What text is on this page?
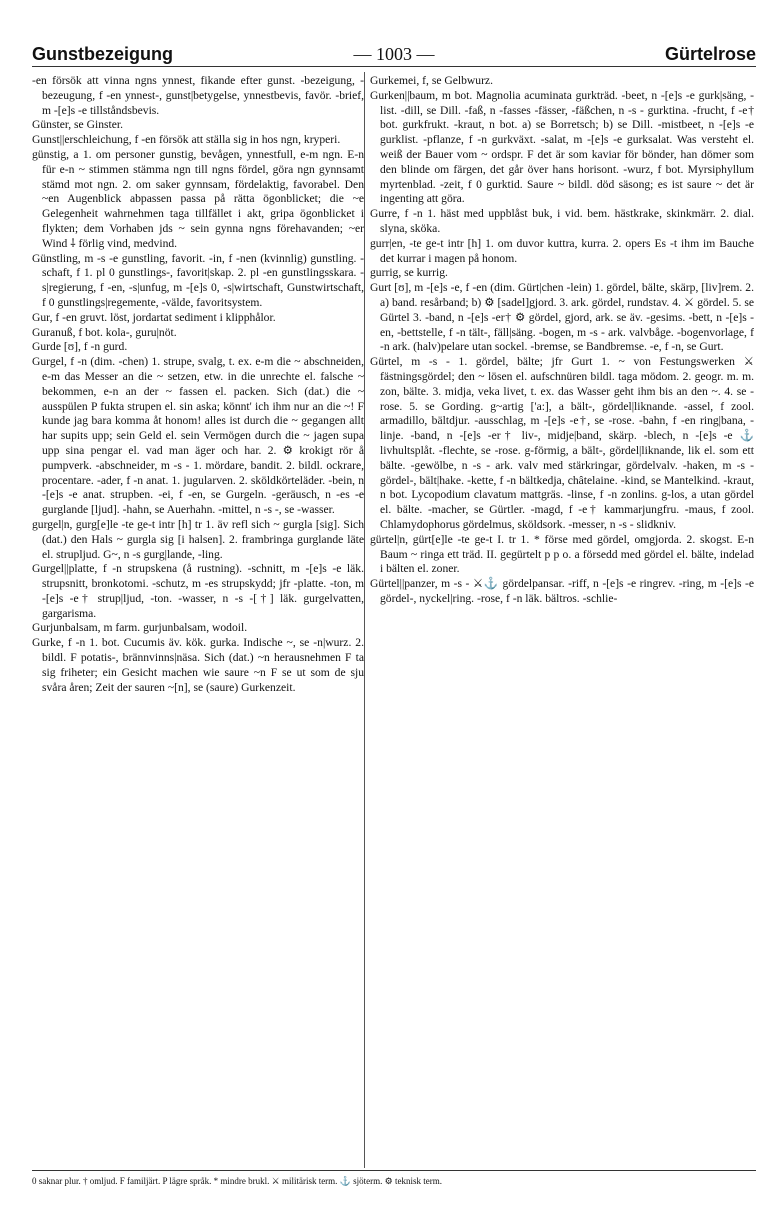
Gunstbezeigung	— 1003 —	Gürtelrose

-en försök att vinna ngns ynnest, fikande efter gunst. -bezeigung, -bezeugung, f -en ynnest-, gunst|betygelse, ynnestbevis, favör. -brief, m -[e]s -e tillståndsbevis.

Günster, se Ginster.

Gunst||erschleichung, f -en försök att ställa sig in hos ngn, kryperi.

günstig, a 1. om personer gunstig, bevågen, ynnestfull, e-m ngn. E-n für e-n ~ stimmen stämma ngn till ngns fördel, göra ngn gynnsamt stämd mot ngn. 2. om saker gynnsam, fördelaktig, favorabel. Den ~en Augenblick abpassen passa på rätta ögonblicket; die ~e Gelegenheit wahrnehmen taga tillfället i akt, gripa ögonblicket i flykten; dem Vorhaben jds ~ sein gynna ngns förehavanden; ~er Wind ⸸ förlig vind, medvind.

Günstling, m -s -e gunstling, favorit. -in, f -nen (kvinnlig) gunstling. -schaft, f 1. pl 0 gunstlings-, favorit|skap. 2. pl -en gunstlingsskara. -s|regierung, f -en, -s|unfug, m -[e]s 0, -s|wirtschaft, Gunstwirtschaft, f 0 gunstlings|regemente, -välde, favoritsystem.

Gur, f -en gruvt. löst, jordartat sediment i klipphålor.

Guranuß, f bot. kola-, guru|nöt.

Gurde [ʊ], f -n gurd.

Gurgel, f -n (dim. -chen) 1. strupe, svalg, t. ex. e-m die ~ abschneiden, e-m das Messer an die ~ setzen, etw. in die unrechte el. falsche ~ bekommen, e-n an der ~ fassen el. packen. Sich (dat.) die ~ ausspülen P fukta strupen el. sin aska; könnt' ich ihm nur an die ~! F kunde jag bara komma åt honom! alles ist durch die ~ gegangen allt har supits upp; sein Geld el. sein Vermögen durch die ~ jagen supa upp sina pengar el. vad man äger och har. 2. ⚙ krokigt rör å pumpverk. -abschneider, m -s - 1. mördare, bandit. 2. bildl. ockrare, procentare. -ader, f -n anat. 1. jugularven. 2. sköldkörteläder. -bein, n -[e]s -e anat. strupben. -ei, f -en, se Gurgeln. -geräusch, n -es -e gurglande [ljud]. -hahn, se Auerhahn. -mittel, n -s -, se -wasser.

gurgel|n, gurg[e]le -te ge-t intr [h] tr 1. äv refl sich ~ gurgla [sig]. Sich (dat.) den Hals ~ gurgla sig [i halsen]. 2. frambringa gurglande läte el. strupljud. G~, n -s gurg|lande, -ling.

Gurgel||platte, f -n strupskena (å rustning). -schnitt, m -[e]s -e läk. strupsnitt, bronkotomi. -schutz, m -es strupskydd; jfr -platte. -ton, m -[e]s -e† strup|ljud, -ton. -wasser, n -s -[†] läk. gurgelvatten, gargarisma.

Gurjunbalsam, m farm. gurjunbalsam, wodoil.

Gurke, f -n 1. bot. Cucumis äv. kök. gurka. Indische ~, se -n|wurz. 2. bildl. F potatis-, brännvinns|näsa. Sich (dat.) ~n herausnehmen F ta sig friheter; ein Gesicht machen wie saure ~n F se ut som de sju svåra åren; Zeit der sauren ~[n], se (saure) Gurkenzeit.

Gurkemei, f, se Gelbwurz.

Gurken||baum, m bot. Magnolia acuminata gurkträd. -beet, n -[e]s -e gurk|säng, -list. -dill, se Dill. -faß, n -fasses -fässer, -fäßchen, n -s - gurktina. -frucht, f -e† bot. gurkfrukt. -kraut, n bot. a) se Borretsch; b) se Dill. -mistbeet, n -[e]s -e gurklist. -pflanze, f -n gurkväxt. -salat, m -[e]s -e gurksalat. Was versteht el. weiß der Bauer vom ~ ordspr. F det är som kaviar för bönder, han dömer som den blinde om färgen, det går över hans horisont. -wurz, f bot. Myrsiphyllum myrtenblad. -zeit, f 0 gurktid. Saure ~ bildl. död säsong; es ist saure ~ det är ingenting att göra.

Gurre, f -n 1. häst med uppblåst buk, i vid. bem. hästkrake, skinkmärr. 2. dial. slyna, sköka.

gurr|en, -te ge-t intr [h] 1. om duvor kuttra, kurra. 2. opers Es -t ihm im Bauche det kurrar i magen på honom.

gurrig, se kurrig.

Gurt [ʊ], m -[e]s -e, f -en (dim. Gürt|chen -lein) 1. gördel, bälte, skärp, [liv]rem. 2. a) band. resårband; b) ⚙ [sadel]gjord. 3. ark. gördel, rundstav. 4. ⚔ gördel. 5. se Gürtel 3. -band, n -[e]s -er† ⚙ gördel, gjord, ark. se äv. -gesims. -bett, n -[e]s -en, -bettstelle, f -n tält-, fäll|säng. -bogen, m -s - ark. valvbåge. -bogenvorlage, f -n ark. (halv)pelare utan sockel. -bremse, se Bandbremse. -e, f -n, se Gurt.

Gürtel, m -s - 1. gördel, bälte; jfr Gurt 1. ~ von Festungswerken ⚔ fästningsgördel; den ~ lösen el. aufschnüren bildl. taga mödom. 2. geogr. m. m. zon, bälte. 3. midja, veka livet, t. ex. das Wasser geht ihm bis an den ~. 4. se -rose. 5. se Gording. g~artig ['a:], a bält-, gördel|liknande. -assel, f zool. armadillo, bältdjur. -ausschlag, m -[e]s -e†, se -rose. -bahn, f -en ring|bana, -linje. -band, n -[e]s -er† liv-, midje|band, skärp. -blech, n -[e]s -e ⚓ livhultsplåt. -flechte, se -rose. g-förmig, a bält-, gördel|liknande, lik el. som ett bälte. -gewölbe, n -s - ark. valv med stärkringar, gördelvalv. -haken, m -s - gördel-, bält|hake. -kette, f -n bältkedja, châtelaine. -kind, se Mantelkind. -kraut, n bot. Lycopodium clavatum mattgräs. -linse, f -n zonlins. g-los, a utan gördel el. bälte. -macher, se Gürtler. -magd, f -e† kammarjungfru. -maus, f zool. Chlamydophorus gördelmus, sköldsork. -messer, n -s - slidkniv.

gürtel|n, gürt[e]le -te ge-t I. tr 1. * förse med gördel, omgjorda. 2. skogst. E-n Baum ~ ringa ett träd. II. gegürtelt p p o. a försedd med gördel el. bälte, indelad i bälten el. zoner.

Gürtel||panzer, m -s - ⚔⚓ gördelpansar. -riff, n -[e]s -e ringrev. -ring, m -[e]s -e gördel-, nyckel|ring. -rose, f -n läk. bältros. -schlie-

0 saknar plur. † omljud. F familjärt. P lägre språk. * mindre brukl. ⚔ militärisk term. ⚓ sjöterm. ⚙ teknisk term.
